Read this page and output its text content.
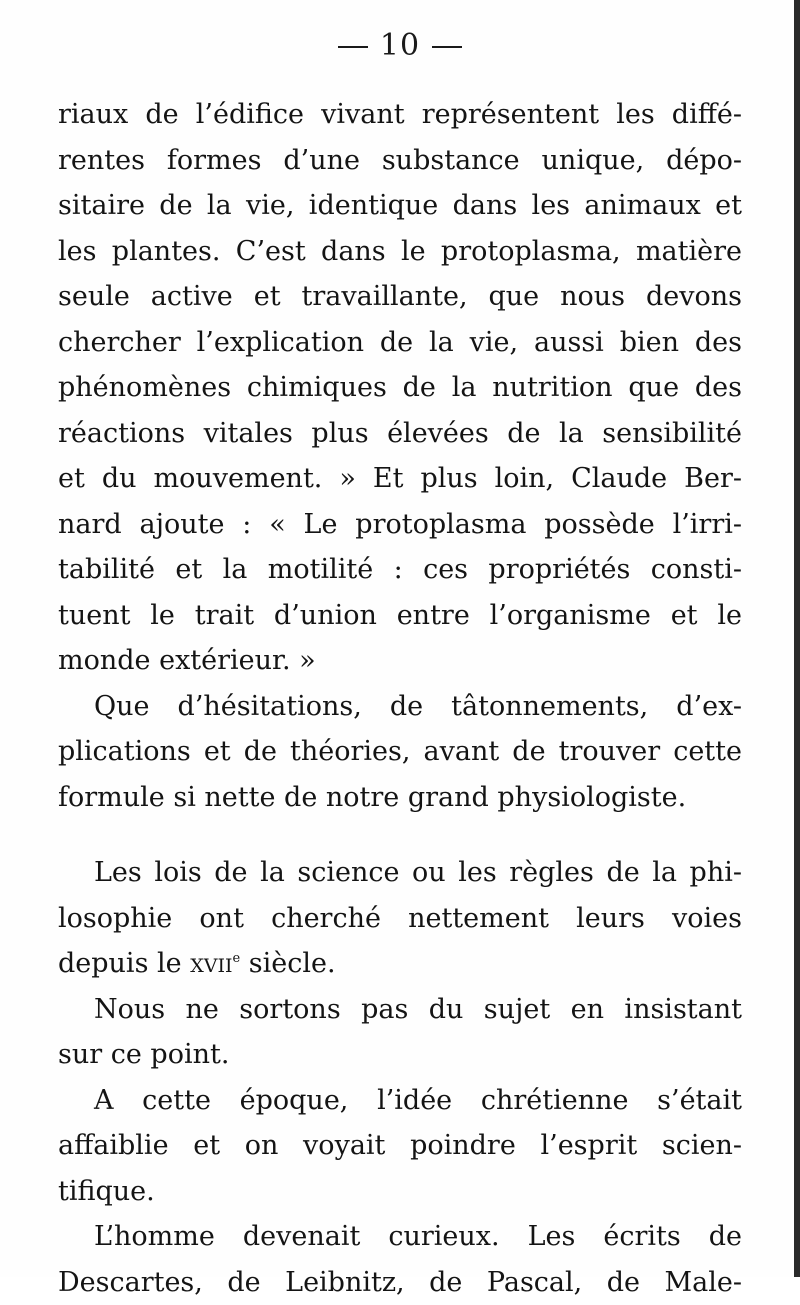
10
riaux de l’édifice vivant représentent les diffé-
rentes formes d’une substance unique, dépo-
sitaire de la vie, identique dans les animaux et
les plantes. C’est dans le protoplasma, matière
seule active et travaillante, que nous devons
chercher l’explication de la vie, aussi bien des
phénomènes chimiques de la nutrition que des
réactions vitales plus élevées de la sensibilité
et du mouvement. » Et plus loin, Claude Ber-
nard ajoute : « Le protoplasma possède l’irri-
tabilité et la motilité : ces propriétés consti-
tuent le trait d’union entre l’organisme et le
monde extérieur. »
Que d’hésitations, de tâtonnements, d’ex-
plications et de théories, avant de trouver cette
formule si nette de notre grand physiologiste.
Les lois de la science ou les règles de la phi-
losophie ont cherché nettement leurs voies
depuis le xvii$^e$ siècle.
Nous ne sortons pas du sujet en insistant
sur ce point.
A cette époque, l’idée chrétienne s’était
affaiblie et on voyait poindre l’esprit scien-
tifique.
L’homme devenait curieux. Les écrits de
Descartes, de Leibnitz, de Pascal, de Male-
